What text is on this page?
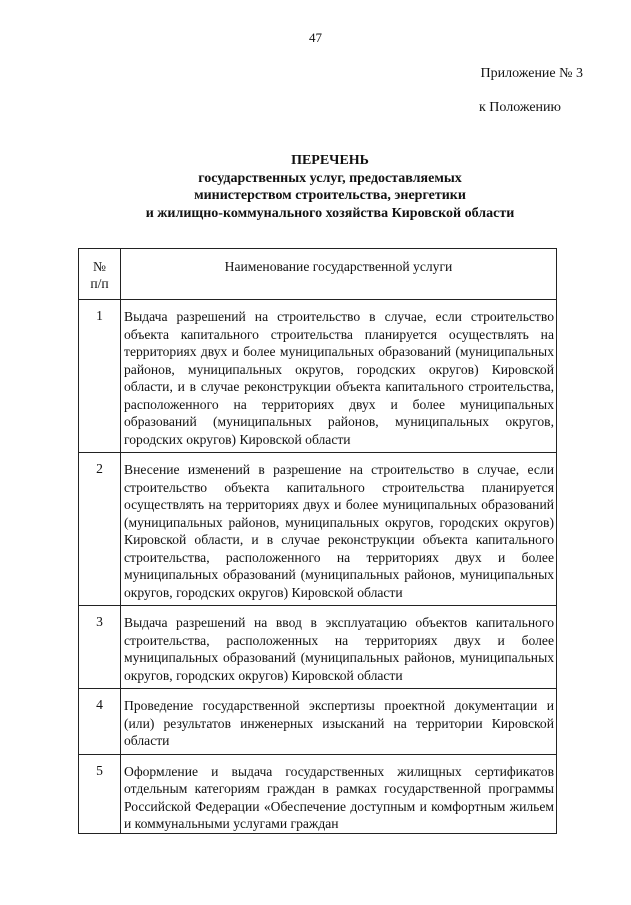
47
Приложение № 3
к Положению
ПЕРЕЧЕНЬ
государственных услуг, предоставляемых
министерством строительства, энергетики
и жилищно-коммунального хозяйства Кировской области
№
п/п	Наименование государственной услуги
1	Выдача разрешений на строительство в случае, если строительство объекта капитального строительства планируется осуществлять на территориях двух и более муниципальных образований (муниципальных районов, муниципальных округов, городских округов) Кировской области, и в случае реконструкции объекта капитального строительства, расположенного на территориях двух и более муниципальных образований (муниципальных районов, муниципальных округов, городских округов) Кировской области
2	Внесение изменений в разрешение на строительство в случае, если строительство объекта капитального строительства планируется осуществлять на территориях двух и более муниципальных образований (муниципальных районов, муниципальных округов, городских округов) Кировской области, и в случае реконструкции объекта капитального строительства, расположенного на территориях двух и более муниципальных образований (муниципальных районов, муниципальных округов, городских округов) Кировской области
3	Выдача разрешений на ввод в эксплуатацию объектов капитального строительства, расположенных на территориях двух и более муниципальных образований (муниципальных районов, муниципальных округов, городских округов) Кировской области
4	Проведение государственной экспертизы проектной документации и (или) результатов инженерных изысканий на территории Кировской области
5	Оформление и выдача государственных жилищных сертификатов отдельным категориям граждан в рамках государственной программы Российской Федерации «Обеспечение доступным и комфортным жильем и коммунальными услугами граждан
